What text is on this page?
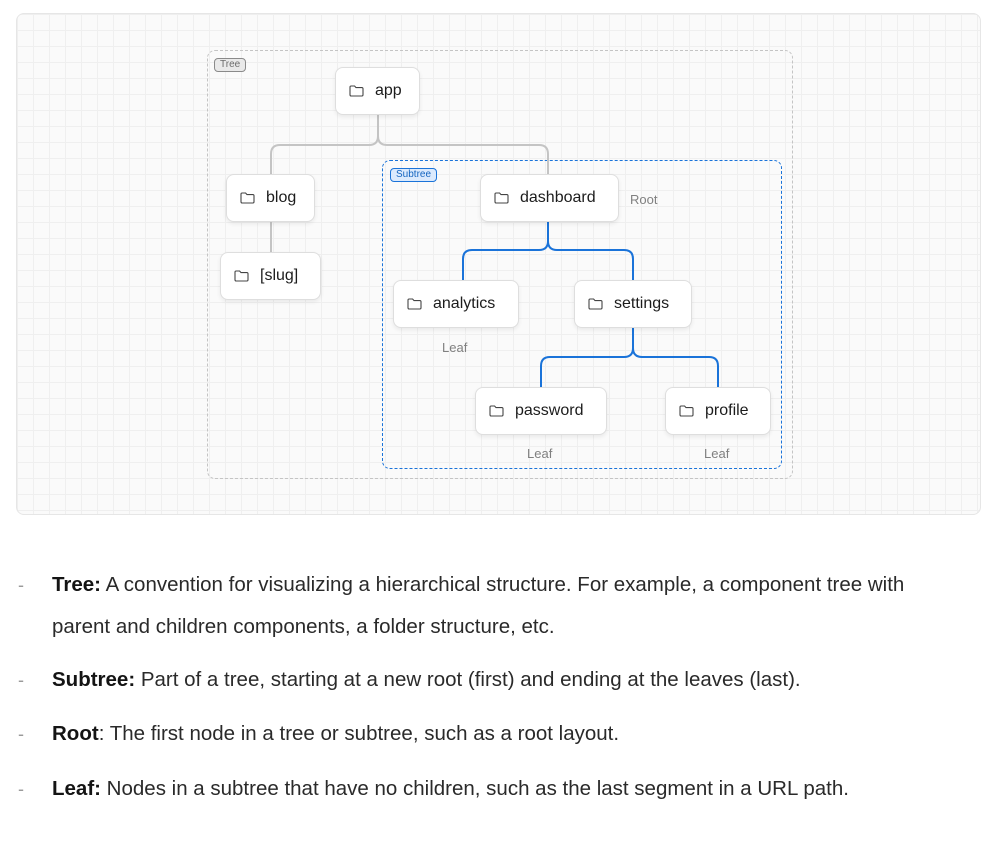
Tree
Subtree
app
blog
[slug]
dashboard	Root
analytics
Leaf
settings
password
Leaf
profile
Leaf
- Tree: A convention for visualizing a hierarchical structure. For example, a component tree with parent and children components, a folder structure, etc.
- Subtree: Part of a tree, starting at a new root (first) and ending at the leaves (last).
- Root: The first node in a tree or subtree, such as a root layout.
- Leaf: Nodes in a subtree that have no children, such as the last segment in a URL path.
